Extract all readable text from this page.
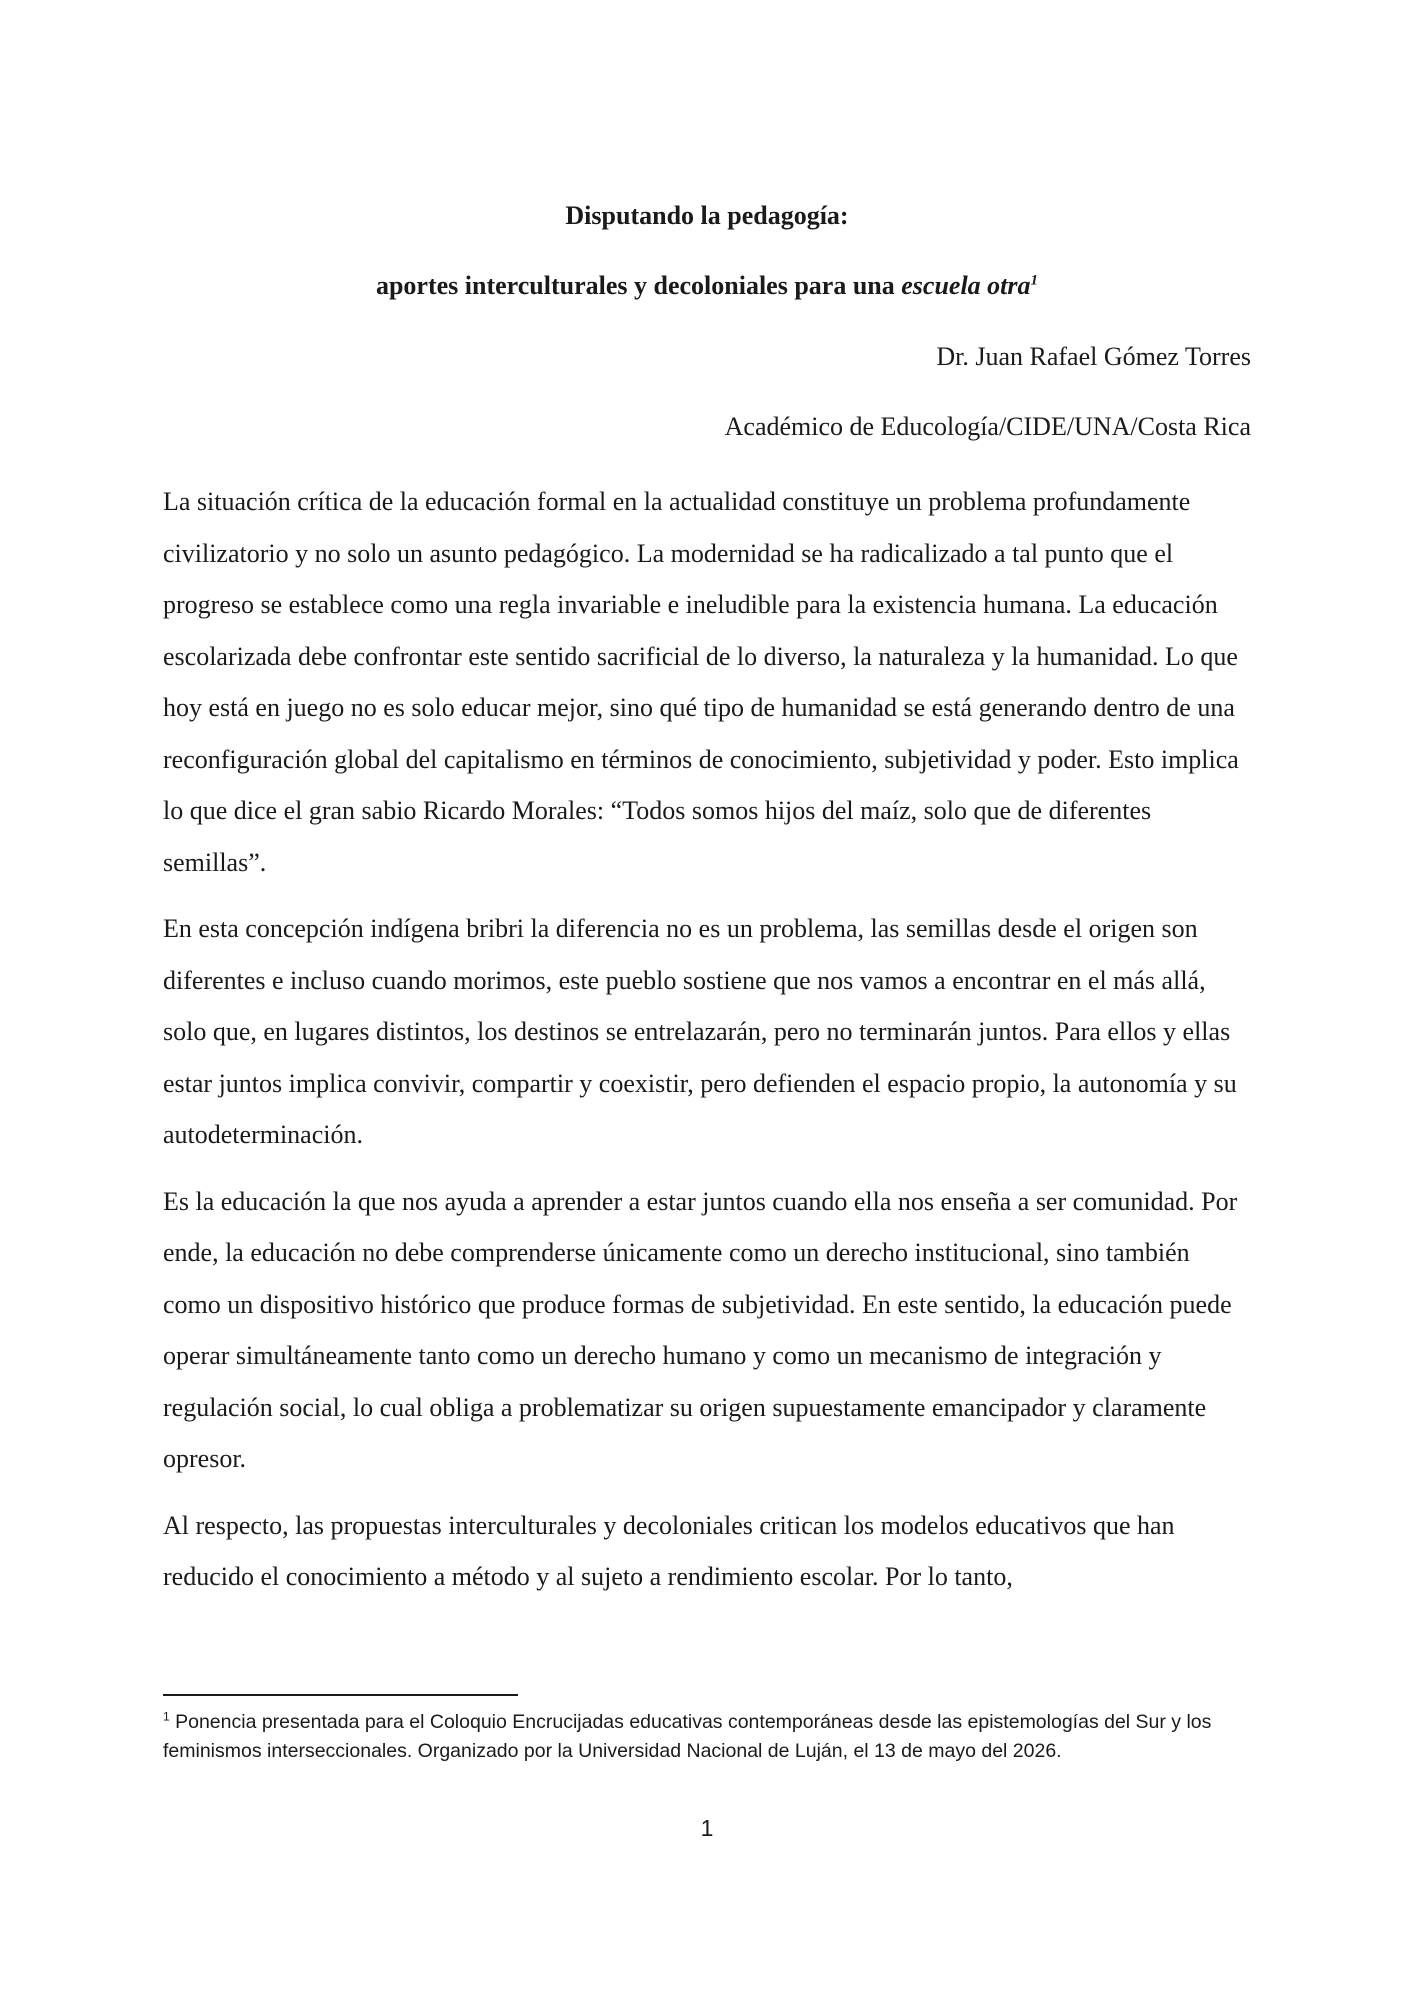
Disputando la pedagogía:

aportes interculturales y decoloniales para una escuela otra$^1$

Dr. Juan Rafael Gómez Torres

Académico de Educología/CIDE/UNA/Costa Rica

La situación crítica de la educación formal en la actualidad constituye un problema profundamente civilizatorio y no solo un asunto pedagógico. La modernidad se ha radicalizado a tal punto que el progreso se establece como una regla invariable e ineludible para la existencia humana. La educación escolarizada debe confrontar este sentido sacrificial de lo diverso, la naturaleza y la humanidad. Lo que hoy está en juego no es solo educar mejor, sino qué tipo de humanidad se está generando dentro de una reconfiguración global del capitalismo en términos de conocimiento, subjetividad y poder. Esto implica lo que dice el gran sabio Ricardo Morales: “Todos somos hijos del maíz, solo que de diferentes semillas”.

En esta concepción indígena bribri la diferencia no es un problema, las semillas desde el origen son diferentes e incluso cuando morimos, este pueblo sostiene que nos vamos a encontrar en el más allá, solo que, en lugares distintos, los destinos se entrelazarán, pero no terminarán juntos. Para ellos y ellas estar juntos implica convivir, compartir y coexistir, pero defienden el espacio propio, la autonomía y su autodeterminación.

Es la educación la que nos ayuda a aprender a estar juntos cuando ella nos enseña a ser comunidad. Por ende, la educación no debe comprenderse únicamente como un derecho institucional, sino también como un dispositivo histórico que produce formas de subjetividad. En este sentido, la educación puede operar simultáneamente tanto como un derecho humano y como un mecanismo de integración y regulación social, lo cual obliga a problematizar su origen supuestamente emancipador y claramente opresor.

Al respecto, las propuestas interculturales y decoloniales critican los modelos educativos que han reducido el conocimiento a método y al sujeto a rendimiento escolar. Por lo tanto,

$^1$ Ponencia presentada para el Coloquio Encrucijadas educativas contemporáneas desde las epistemologías del Sur y los feminismos interseccionales. Organizado por la Universidad Nacional de Luján, el 13 de mayo del 2026.

1
